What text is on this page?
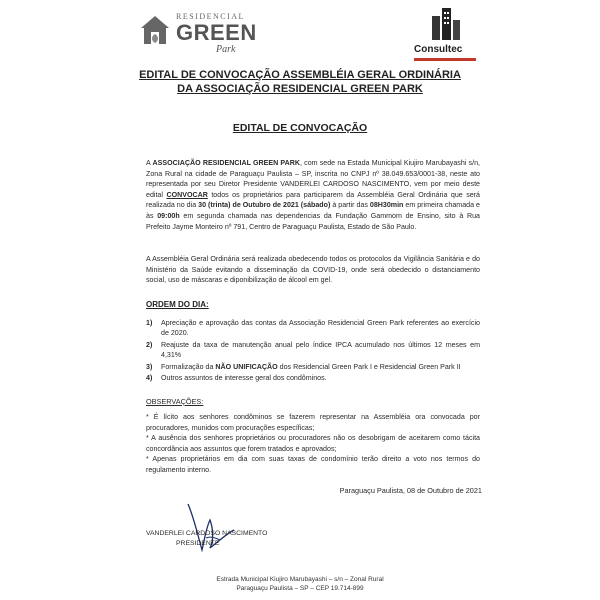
RESIDENCIAL
GREEN
Park	Consultec
EDITAL DE CONVOCAÇÃO ASSEMBLÉIA GERAL ORDINÁRIA
DA ASSOCIAÇÃO RESIDENCIAL GREEN PARK
EDITAL DE CONVOCAÇÃO
A ASSOCIAÇÃO RESIDENCIAL GREEN PARK, com sede na Estada Municipal Kiujiro Marubayashi s/n, Zona Rural na cidade de Paraguaçu Paulista – SP, inscrita no CNPJ nº 38.049.653/0001-38, neste ato representada por seu Diretor Presidente VANDERLEI CARDOSO NASCIMENTO, vem por meio deste edital CONVOCAR todos os proprietários para participarem da Assembléia Geral Ordinária que será realizada no dia 30 (trinta) de Outubro de 2021 (sábado) à partir das 08H30min em primeira chamada e às 09:00h em segunda chamada nas dependencias da Fundação Gammom de Ensino, sito à Rua Prefeito Jayme Monteiro nº 791, Centro de Paraguaçu Paulista, Estado de São Paulo.
A Assembléia Geral Ordinária será realizada obedecendo todos os protocolos da Vigilância Sanitária e do Ministério da Saúde evitando a disseminação da COVID-19, onde será obedecido o distanciamento social, uso de máscaras e diponibilização de álcool em gel.
ORDEM DO DIA:
1) Apreciação e aprovação das contas da Associação Residencial Green Park referentes ao exercício de 2020.
2) Reajuste da taxa de manutenção anual pelo índice IPCA acumulado nos últimos 12 meses em 4,31%
3) Formalização da NÃO UNIFICAÇÃO dos Residencial Green Park I e Residencial Green Park II
4) Outros assuntos de interesse geral dos condôminos.
OBSERVAÇÕES:

* É lícito aos senhores condôminos se fazerem representar na Assembléia ora convocada por procuradores, munidos com procurações específicas;

* A ausência dos senhores proprietários ou procuradores não os desobrigam de aceitarem como tácita concordância aos assuntos que forem tratados e aprovados;

* Apenas proprietários em dia com suas taxas de condomínio terão direito a voto nos termos do regulamento interno.

Paraguaçu Paulista, 08 de Outubro de 2021
VANDERLEI CARDOSO NASCIMENTO
PRESIDENTE
Estrada Municipal Kiujiro Marubayashi – s/n – Zonal Rural
Paraguaçu Paulista – SP – CEP 19.714-899
